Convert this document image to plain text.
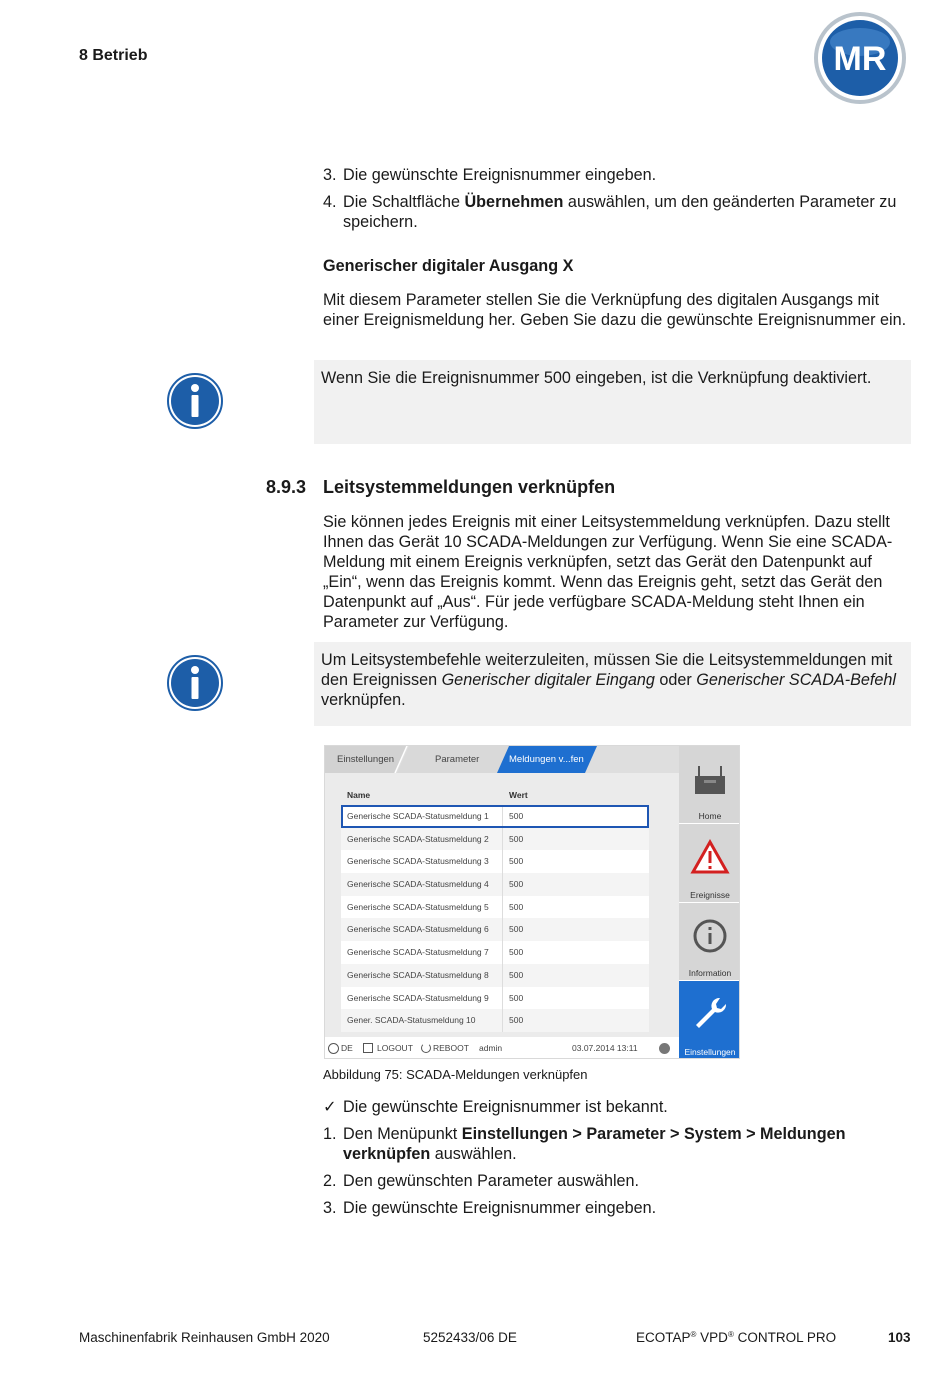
8 Betrieb	MR
3. Die gewünschte Ereignisnummer eingeben.
4. Die Schaltfläche Übernehmen auswählen, um den geänderten Parameter zu speichern.
Generischer digitaler Ausgang X
Mit diesem Parameter stellen Sie die Verknüpfung des digitalen Ausgangs mit einer Ereignismeldung her. Geben Sie dazu die gewünschte Ereignisnummer ein.
Wenn Sie die Ereignisnummer 500 eingeben, ist die Verknüpfung deaktiviert.
8.9.3 Leitsystemmeldungen verknüpfen
Sie können jedes Ereignis mit einer Leitsystemmeldung verknüpfen. Dazu stellt Ihnen das Gerät 10 SCADA-Meldungen zur Verfügung. Wenn Sie eine SCADA-Meldung mit einem Ereignis verknüpfen, setzt das Gerät den Datenpunkt auf „Ein“, wenn das Ereignis kommt. Wenn das Ereignis geht, setzt das Gerät den Datenpunkt auf „Aus“. Für jede verfügbare SCADA-Meldung steht Ihnen ein Parameter zur Verfügung.
Um Leitsystembefehle weiterzuleiten, müssen Sie die Leitsystemmeldungen mit den Ereignissen Generischer digitaler Eingang oder Generischer SCADA-Befehl verknüpfen.
Einstellungen	Parameter	Meldungen v...fen
Name	Wert
Generische SCADA-Statusmeldung 1	500
Generische SCADA-Statusmeldung 2	500
Generische SCADA-Statusmeldung 3	500
Generische SCADA-Statusmeldung 4	500
Generische SCADA-Statusmeldung 5	500
Generische SCADA-Statusmeldung 6	500
Generische SCADA-Statusmeldung 7	500
Generische SCADA-Statusmeldung 8	500
Generische SCADA-Statusmeldung 9	500
Gener. SCADA-Statusmeldung 10	500
DE	LOGOUT REBOOT admin	03.07.2014 13:11
Home
Ereignisse
Information
Einstellungen
Abbildung 75: SCADA-Meldungen verknüpfen
✓ Die gewünschte Ereignisnummer ist bekannt.
1. Den Menüpunkt Einstellungen > Parameter > System > Meldungen verknüpfen auswählen.
2. Den gewünschten Parameter auswählen.
3. Die gewünschte Ereignisnummer eingeben.
Maschinenfabrik Reinhausen GmbH 2020	5252433/06 DE	ECOTAP® VPD® CONTROL PRO	103
